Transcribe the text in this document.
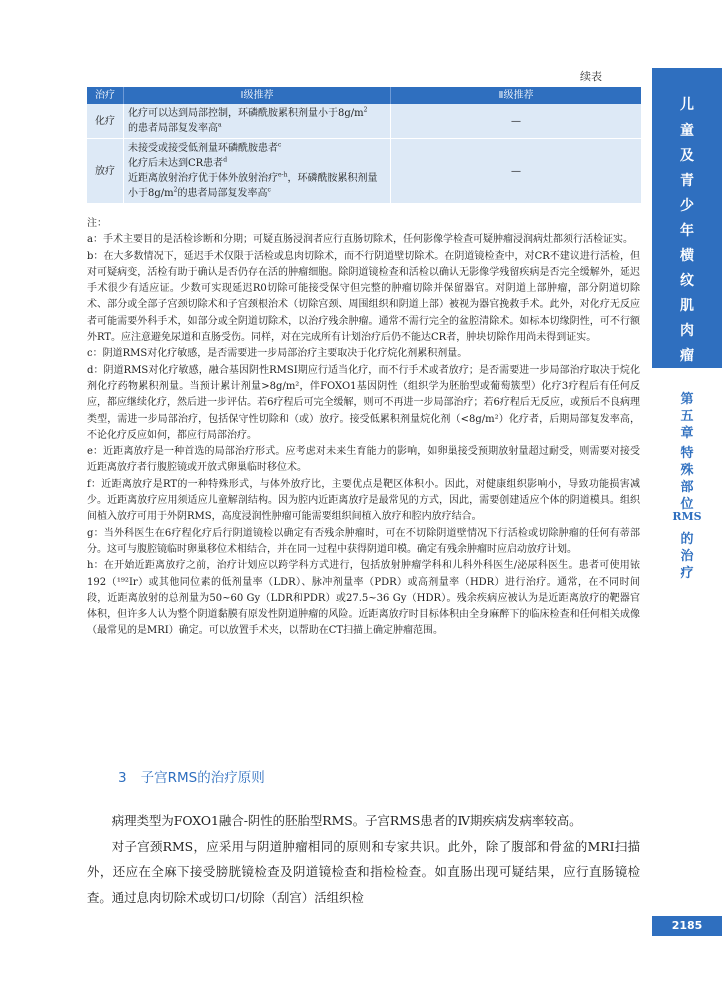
续表
治疗	Ⅰ级推荐	Ⅱ级推荐
化疗	化疗可以达到局部控制，环磷酰胺累积剂量小于$8g/m^2$
的患者局部复发率高$^a$	—
放疗	未接受或接受低剂量环磷酰胺患者$^c$
化疗后未达到CR患者$^d$
近距离放射治疗优于体外放射治疗$^{e-h}$，环磷酰胺累积剂量小于$8g/m^2$的患者局部复发率高$^c$	—

注：

a：手术主要目的是活检诊断和分期；可疑直肠浸润者应行直肠切除术，任何影像学检查可疑肿瘤浸润病灶都须行活检证实。

b：在大多数情况下，延迟手术仅限于活检或息肉切除术，而不行阴道壁切除术。在阴道镜检查中，对CR不建议进行活检，但对可疑病变，活检有助于确认是否仍存在活的肿瘤细胞。除阴道镜检查和活检以确认无影像学残留疾病是否完全缓解外，延迟手术很少有适应证。少数可实现延迟R0切除可能接受保守但完整的肿瘤切除并保留器官。对阴道上部肿瘤，部分阴道切除术、部分或全部子宫颈切除术和子宫颈根治术（切除宫颈、周围组织和阴道上部）被视为器官挽救手术。此外，对化疗无反应者可能需要外科手术，如部分或全阴道切除术，以治疗残余肿瘤。通常不需行完全的盆腔清除术。如标本切缘阴性，可不行额外RT。应注意避免尿道和直肠受伤。同样，对在完成所有计划治疗后仍不能达CR者，肿块切除作用尚未得到证实。

c：阴道RMS对化疗敏感，是否需要进一步局部治疗主要取决于化疗烷化剂累积剂量。

d：阴道RMS对化疗敏感，融合基因阴性RMSI期应行适当化疗，而不行手术或者放疗；是否需要进一步局部治疗取决于烷化剂化疗药物累积剂量。当预计累计剂量>8g/m²，伴FOXO1基因阴性（组织学为胚胎型或葡萄簇型）化疗3疗程后有任何反应，都应继续化疗，然后进一步评估。若6疗程后可完全缓解，则可不再进一步局部治疗；若6疗程后无反应，或预后不良病理类型，需进一步局部治疗，包括保守性切除和（或）放疗。接受低累积剂量烷化剂（<8g/m²）化疗者，后期局部复发率高，不论化疗反应如何，都应行局部治疗。

e：近距离放疗是一种首选的局部治疗形式。应考虑对未来生育能力的影响，如卵巢接受预期放射量超过耐受，则需要对接受近距离放疗者行腹腔镜或开放式卵巢临时移位术。

f：近距离放疗是RT的一种特殊形式，与体外放疗比，主要优点是靶区体积小。因此，对健康组织影响小，导致功能损害减少。近距离放疗应用须适应儿童解剖结构。因为腔内近距离放疗是最常见的方式，因此，需要创建适应个体的阴道模具。组织间植入放疗可用于外阴RMS，高度浸润性肿瘤可能需要组织间植入放疗和腔内放疗结合。

g：当外科医生在6疗程化疗后行阴道镜检以确定有否残余肿瘤时，可在不切除阴道壁情况下行活检或切除肿瘤的任何有蒂部分。这可与腹腔镜临时卵巢移位术相结合，并在同一过程中获得阴道印模。确定有残余肿瘤时应启动放疗计划。

h：在开始近距离放疗之前，治疗计划应以跨学科方式进行，包括放射肿瘤学科和儿科外科医生/泌尿科医生。患者可使用铱192（¹⁹²Ir）或其他同位素的低剂量率（LDR）、脉冲剂量率（PDR）或高剂量率（HDR）进行治疗。通常，在不同时间段，近距离放射的总剂量为50~60 Gy（LDR和PDR）或27.5~36 Gy（HDR）。残余疾病应被认为是近距离放疗的靶器官体积，但许多人认为整个阴道黏膜有原发性阴道肿瘤的风险。近距离放疗时目标体积由全身麻醉下的临床检查和任何相关成像（最常见的是MRI）确定。可以放置手术夹，以帮助在CT扫描上确定肿瘤范围。

3 子宫RMS的治疗原则

病理类型为FOXO1融合-阴性的胚胎型RMS。子宫RMS患者的Ⅳ期疾病发病率较高。

对子宫颈RMS，应采用与阴道肿瘤相同的原则和专家共识。此外，除了腹部和骨盆的MRI扫描外，还应在全麻下接受膀胱镜检查及阴道镜检查和指检检查。如直肠出现可疑结果，应行直肠镜检查。通过息肉切除术或切口/切除（刮宫）活组织检

儿
童
及
青
少
年
横
纹
肌
肉
瘤
第
五
章
特
殊
部
位
RMS
的
治
疗
2185
